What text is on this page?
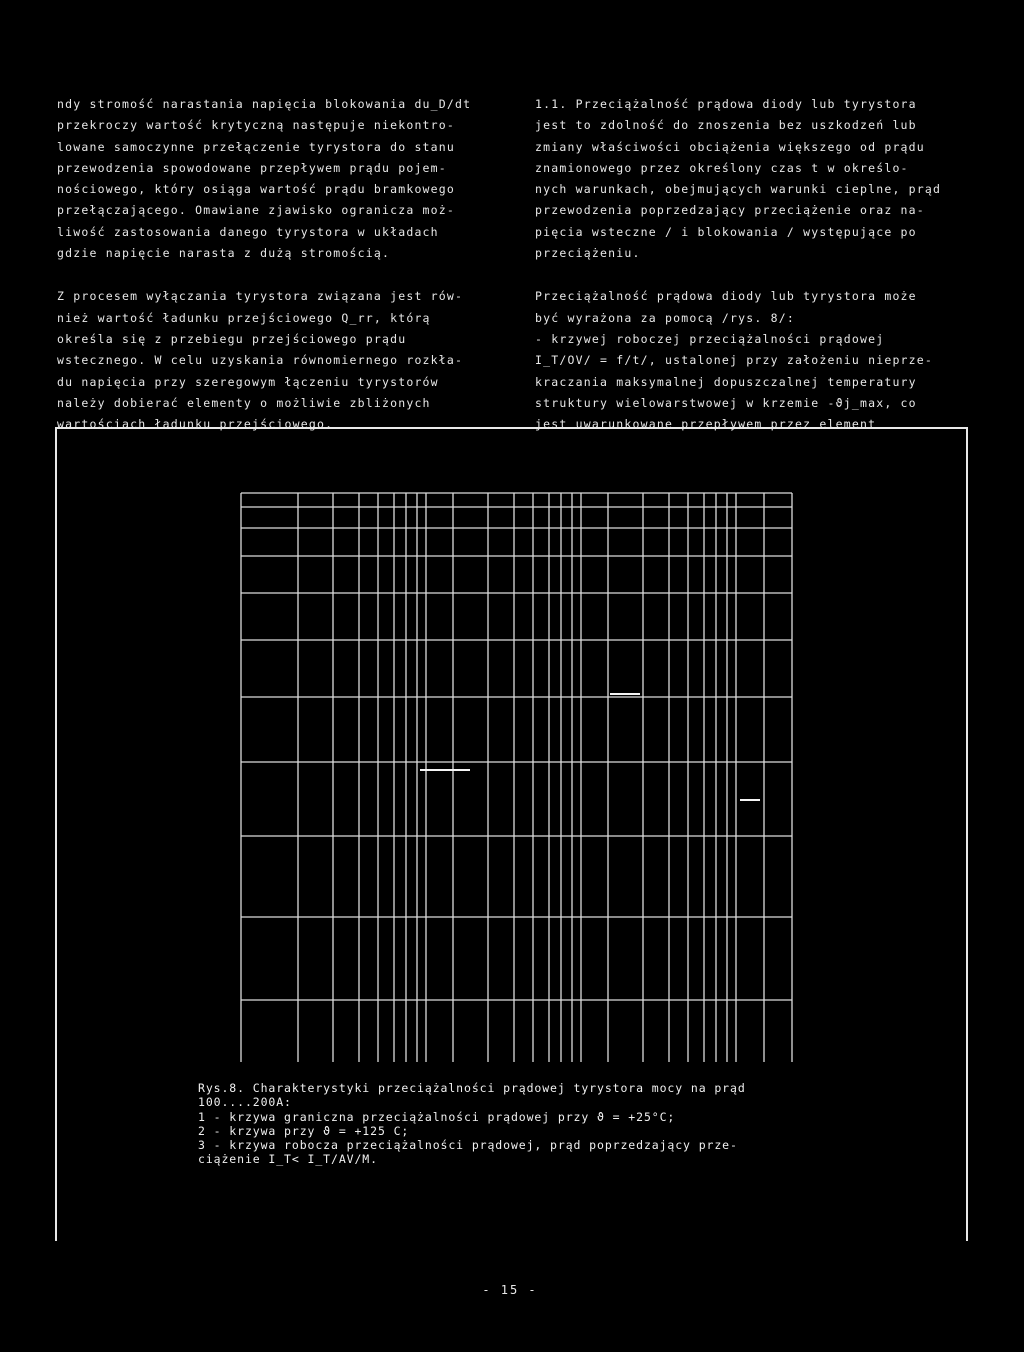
ndy stromość narastania napięcia blokowania du_D/dt

przekroczy wartość krytyczną następuje niekontro-

lowane samoczynne przełączenie tyrystora do stanu

przewodzenia spowodowane przepływem prądu pojem-

nościowego, który osiąga wartość prądu bramkowego

przełączającego. Omawiane zjawisko ogranicza moż-

liwość zastosowania danego tyrystora w układach

gdzie napięcie narasta z dużą stromością.

Z procesem wyłączania tyrystora związana jest rów-

nież wartość ładunku przejściowego Q_rr, którą

określa się z przebiegu przejściowego prądu

wstecznego. W celu uzyskania równomiernego rozkła-

du napięcia przy szeregowym łączeniu tyrystorów

należy dobierać elementy o możliwie zbliżonych

wartościach ładunku przejściowego.

1.1. Przeciążalność prądowa diody lub tyrystora

jest to zdolność do znoszenia bez uszkodzeń lub

zmiany właściwości obciążenia większego od prądu

znamionowego przez określony czas t w określo-

nych warunkach, obejmujących warunki cieplne, prąd

przewodzenia poprzedzający przeciążenie oraz na-

pięcia wsteczne / i blokowania / występujące po

przeciążeniu.

Przeciążalność prądowa diody lub tyrystora może

być wyrażona za pomocą /rys. 8/:

- krzywej roboczej przeciążalności prądowej

I_T/OV/ = f/t/, ustalonej przy założeniu nieprze-

kraczania maksymalnej dopuszczalnej temperatury

struktury wielowarstwowej w krzemie -ϑj_max, co

jest uwarunkowane przepływem przez element

Rys.8. Charakterystyki przeciążalności prądowej tyrystora mocy na prąd

100....200A:

1 - krzywa graniczna przeciążalności prądowej przy ϑ = +25°C;

2 - krzywa przy ϑ = +125 C;

3 - krzywa robocza przeciążalności prądowej, prąd poprzedzający prze-

ciążenie I_T< I_T/AV/M.

- 15 -
